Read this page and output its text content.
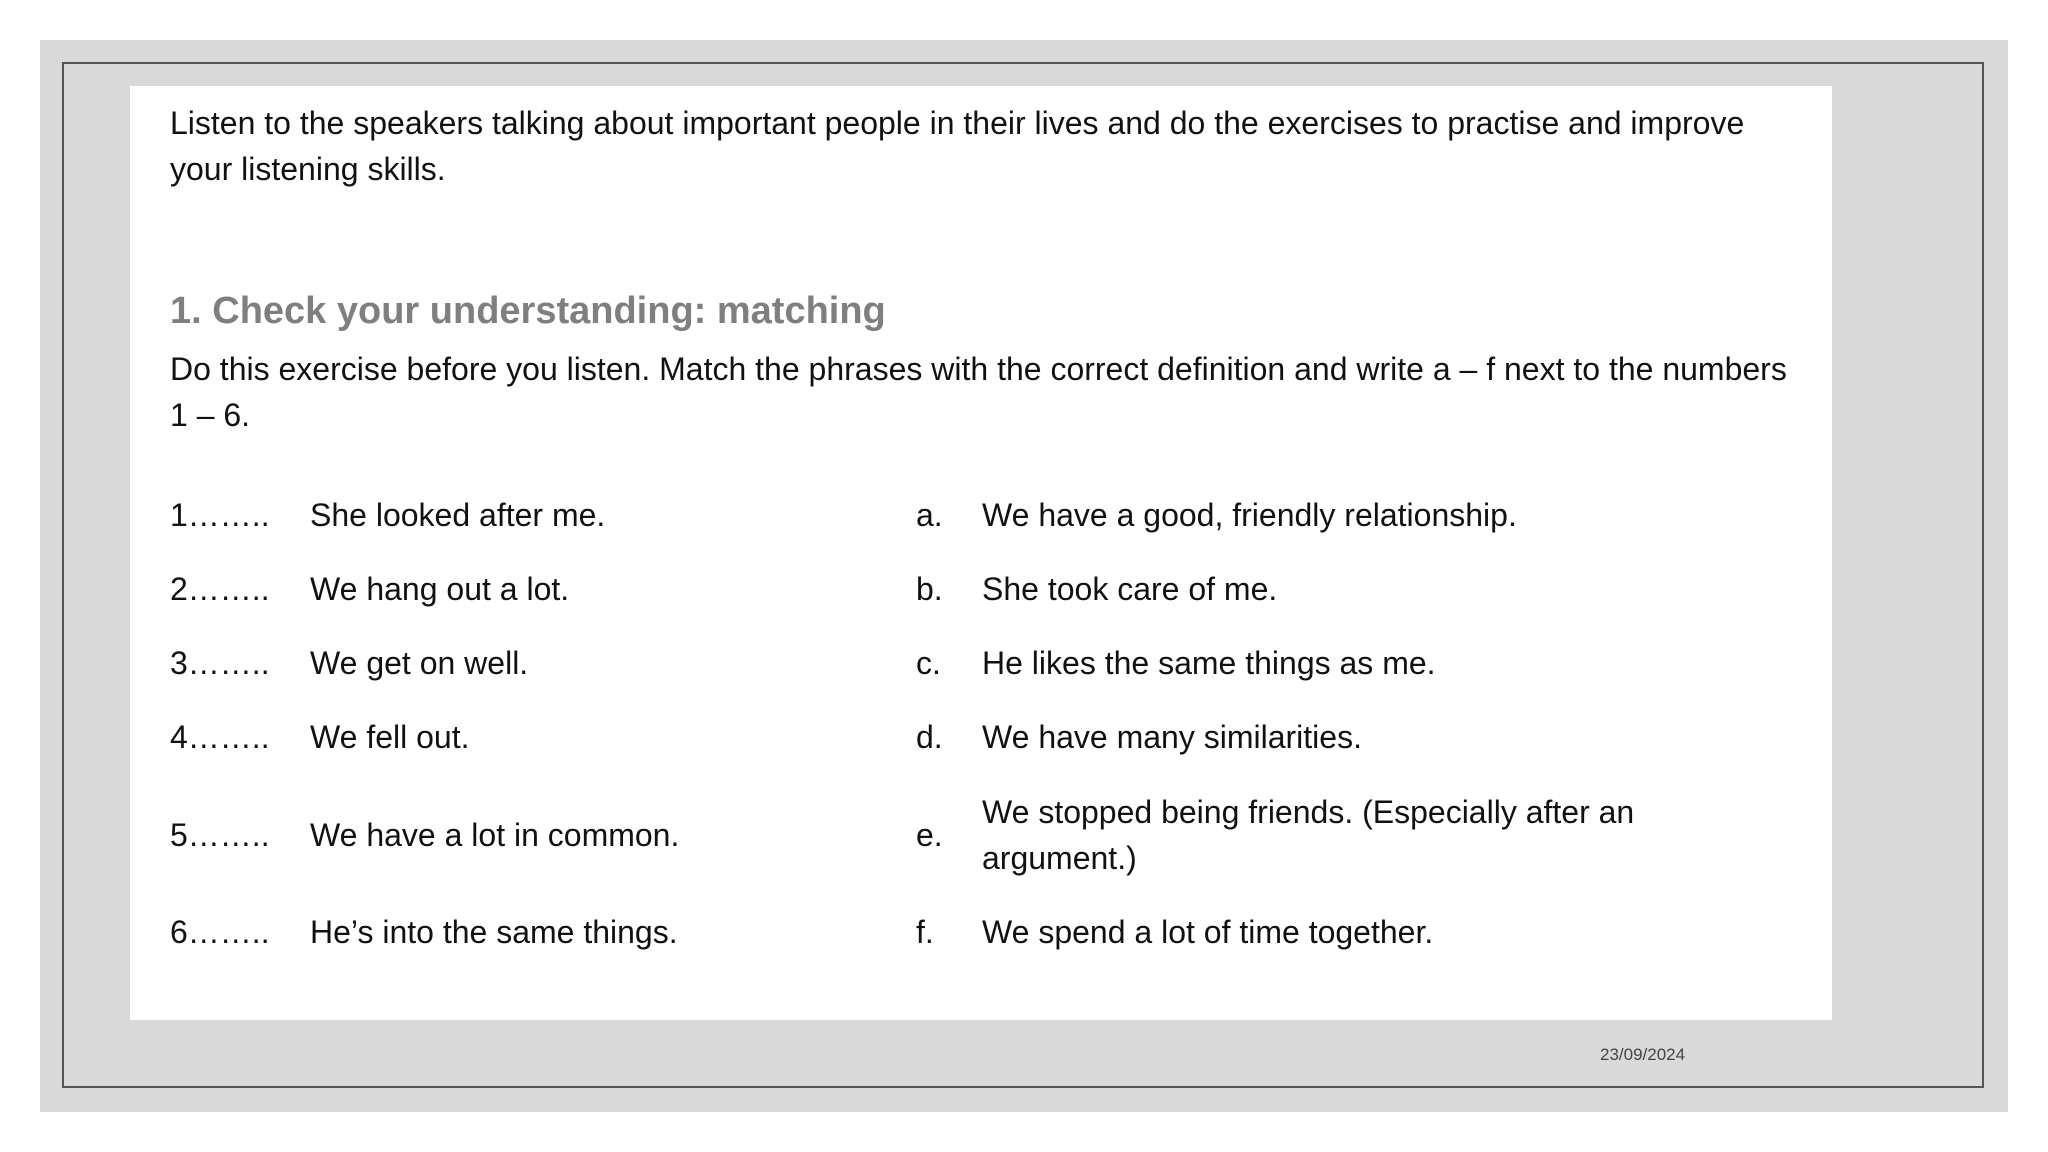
Listen to the speakers talking about important people in their lives and do the exercises to practise and improve your listening skills.

1. Check your understanding: matching

Do this exercise before you listen. Match the phrases with the correct definition and write a – f next to the numbers 1 – 6.

1…….. She looked after me.	a. We have a good, friendly relationship.
2…….. We hang out a lot.	b. She took care of me.
3…….. We get on well.	c. He likes the same things as me.
4…….. We fell out.	d. We have many similarities.
5…….. We have a lot in common.	e.
We stopped being friends. (Especially after an argument.)
6…….. He’s into the same things.	f. We spend a lot of time together.
23/09/2024
